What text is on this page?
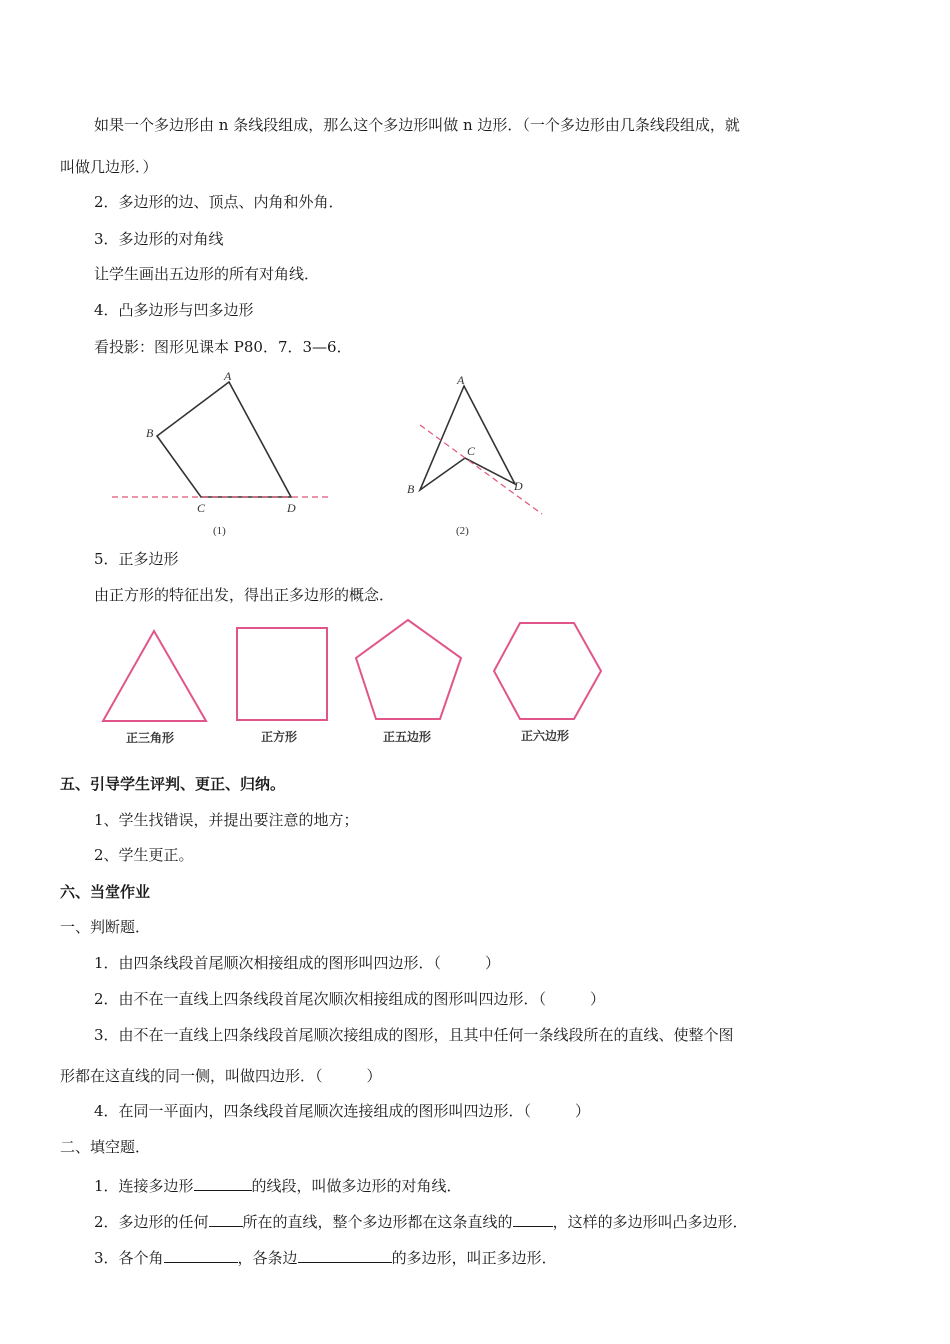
如果一个多边形由 n 条线段组成，那么这个多边形叫做 n 边形．（一个多边形由几条线段组成，就
叫做几边形．）
2．多边形的边、顶点、内角和外角．
3．多边形的对角线
让学生画出五边形的所有对角线．
4．凸多边形与凹多边形
看投影：图形见课本 P80．7．3—6．
A
B
C	D
(1)
A
B
C
D
(2)
5．正多边形
由正方形的特征出发，得出正多边形的概念．
正三角形	正方形	正五边形	正六边形
五、引导学生评判、更正、归纳。
1、学生找错误，并提出要注意的地方；
2、学生更正。
六、当堂作业
一、判断题．
1．由四条线段首尾顺次相接组成的图形叫四边形．（	）
2．由不在一直线上四条线段首尾次顺次相接组成的图形叫四边形．（	）
3．由不在一直线上四条线段首尾顺次接组成的图形，且其中任何一条线段所在的直线、使整个图
形都在这直线的同一侧，叫做四边形．（	）
4．在同一平面内，四条线段首尾顺次连接组成的图形叫四边形．（	）
二、填空题．
1．连接多边形	的线段，叫做多边形的对角线．
2．多边形的任何 所在的直线，整个多边形都在这条直线的	，这样的多边形叫凸多边形．
3．各个角	，各条边	的多边形，叫正多边形．
